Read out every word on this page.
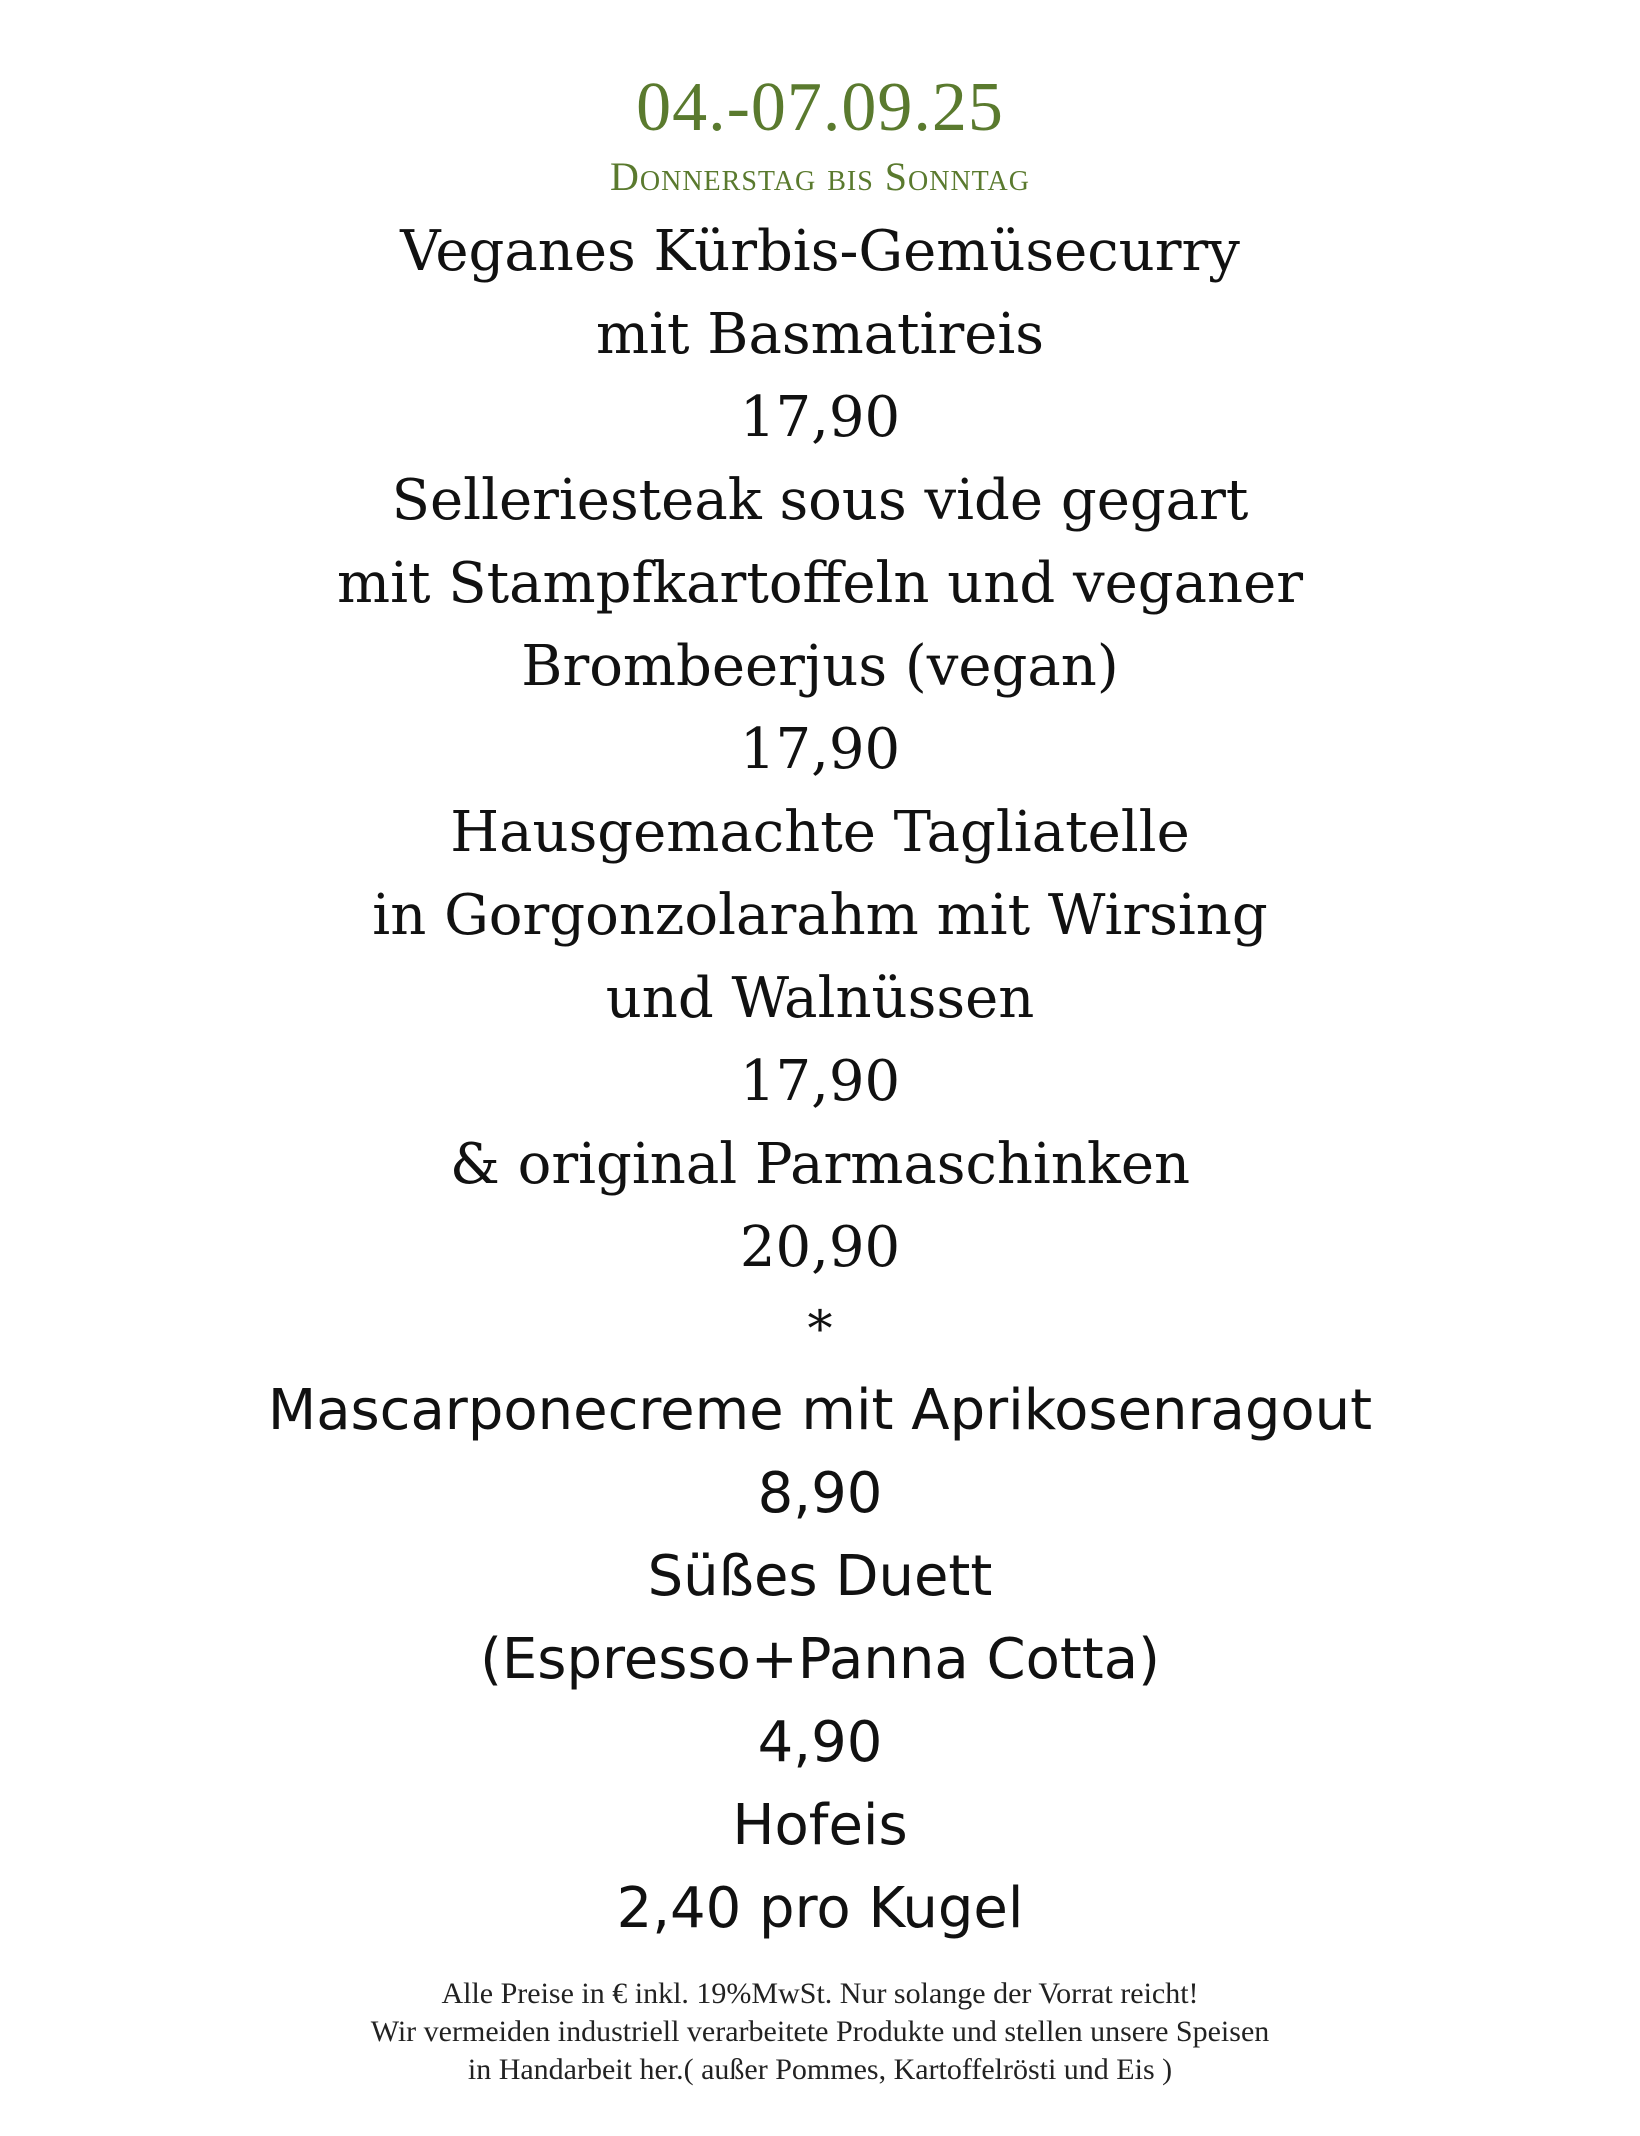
04.-07.09.25
Donnerstag bis Sonntag
Veganes Kürbis-Gemüsecurry
mit Basmatireis
17,90
Selleriesteak sous vide gegart
mit Stampfkartoffeln und veganer
Brombeerjus (vegan)
17,90
Hausgemachte Tagliatelle
in Gorgonzolarahm mit Wirsing
und Walnüssen
17,90
& original Parmaschinken
20,90
*
Mascarponecreme mit Aprikosenragout
8,90
Süßes Duett
(Espresso+Panna Cotta)
4,90
Hofeis
2,40 pro Kugel
Alle Preise in € inkl. 19%MwSt. Nur solange der Vorrat reicht!
Wir vermeiden industriell verarbeitete Produkte und stellen unsere Speisen
in Handarbeit her.( außer Pommes, Kartoffelrösti und Eis )
